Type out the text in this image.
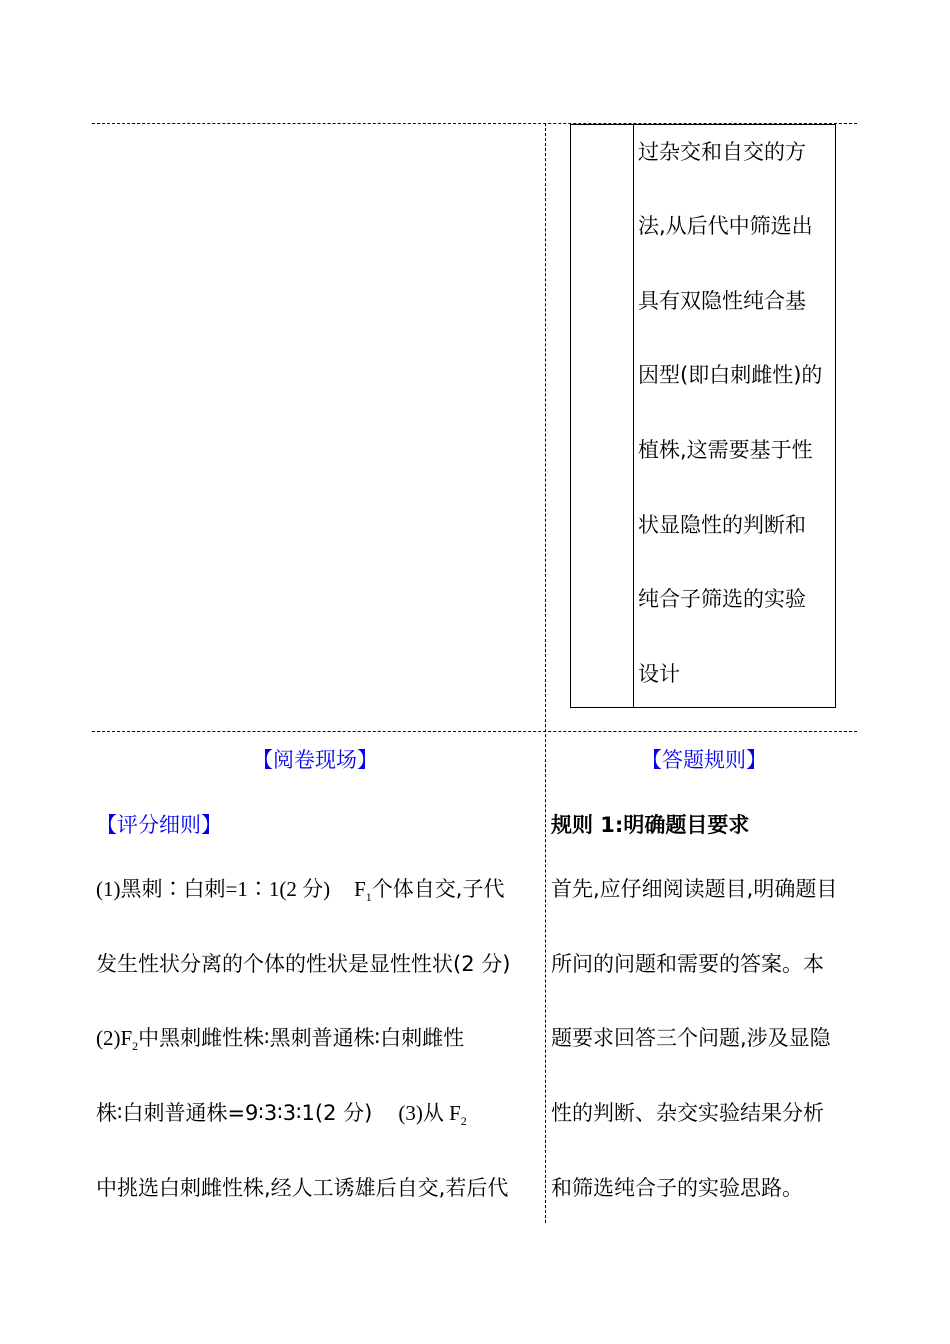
过杂交和自交的方
法,从后代中筛选出
具有双隐性纯合基
因型(即白刺雌性)的
植株,这需要基于性
状显隐性的判断和
纯合子筛选的实验
设计
【阅卷现场】
【评分细则】
(1)黑刺∶白刺=1∶1(2 分) $F_1$个体自交,子代
发生性状分离的个体的性状是显性性状(2 分)
$(2)F_2$中黑刺雌性株∶黑刺普通株∶白刺雌性
株∶白刺普通株=9∶3∶3∶1(2 分) (3)从 $F_2$
中挑选白刺雌性株,经人工诱雄后自交,若后代
【答题规则】
规则 1:明确题目要求
首先,应仔细阅读题目,明确题目
所问的问题和需要的答案。本
题要求回答三个问题,涉及显隐
性的判断、杂交实验结果分析
和筛选纯合子的实验思路。
